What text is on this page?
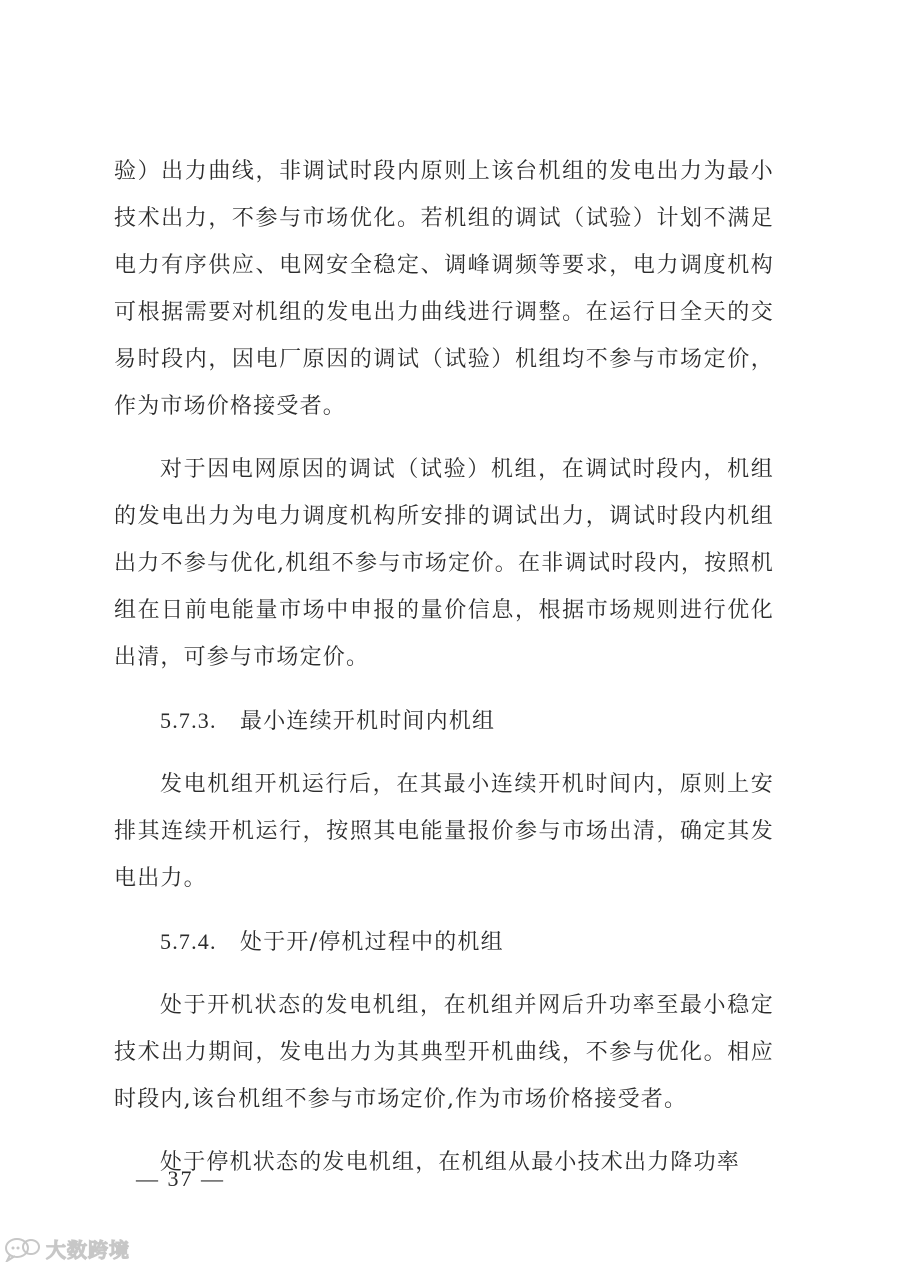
验）出力曲线，非调试时段内原则上该台机组的发电出力为最小技术出力，不参与市场优化。若机组的调试（试验）计划不满足电力有序供应、电网安全稳定、调峰调频等要求，电力调度机构可根据需要对机组的发电出力曲线进行调整。在运行日全天的交易时段内，因电厂原因的调试（试验）机组均不参与市场定价，作为市场价格接受者。

对于因电网原因的调试（试验）机组，在调试时段内，机组的发电出力为电力调度机构所安排的调试出力，调试时段内机组出力不参与优化,机组不参与市场定价。在非调试时段内，按照机组在日前电能量市场中申报的量价信息，根据市场规则进行优化出清，可参与市场定价。

5.7.3. 最小连续开机时间内机组

发电机组开机运行后，在其最小连续开机时间内，原则上安排其连续开机运行，按照其电能量报价参与市场出清，确定其发电出力。

5.7.4. 处于开/停机过程中的机组

处于开机状态的发电机组，在机组并网后升功率至最小稳定技术出力期间，发电出力为其典型开机曲线，不参与优化。相应时段内,该台机组不参与市场定价,作为市场价格接受者。

处于停机状态的发电机组，在机组从最小技术出力降功率

— 37 —
大数跨境
